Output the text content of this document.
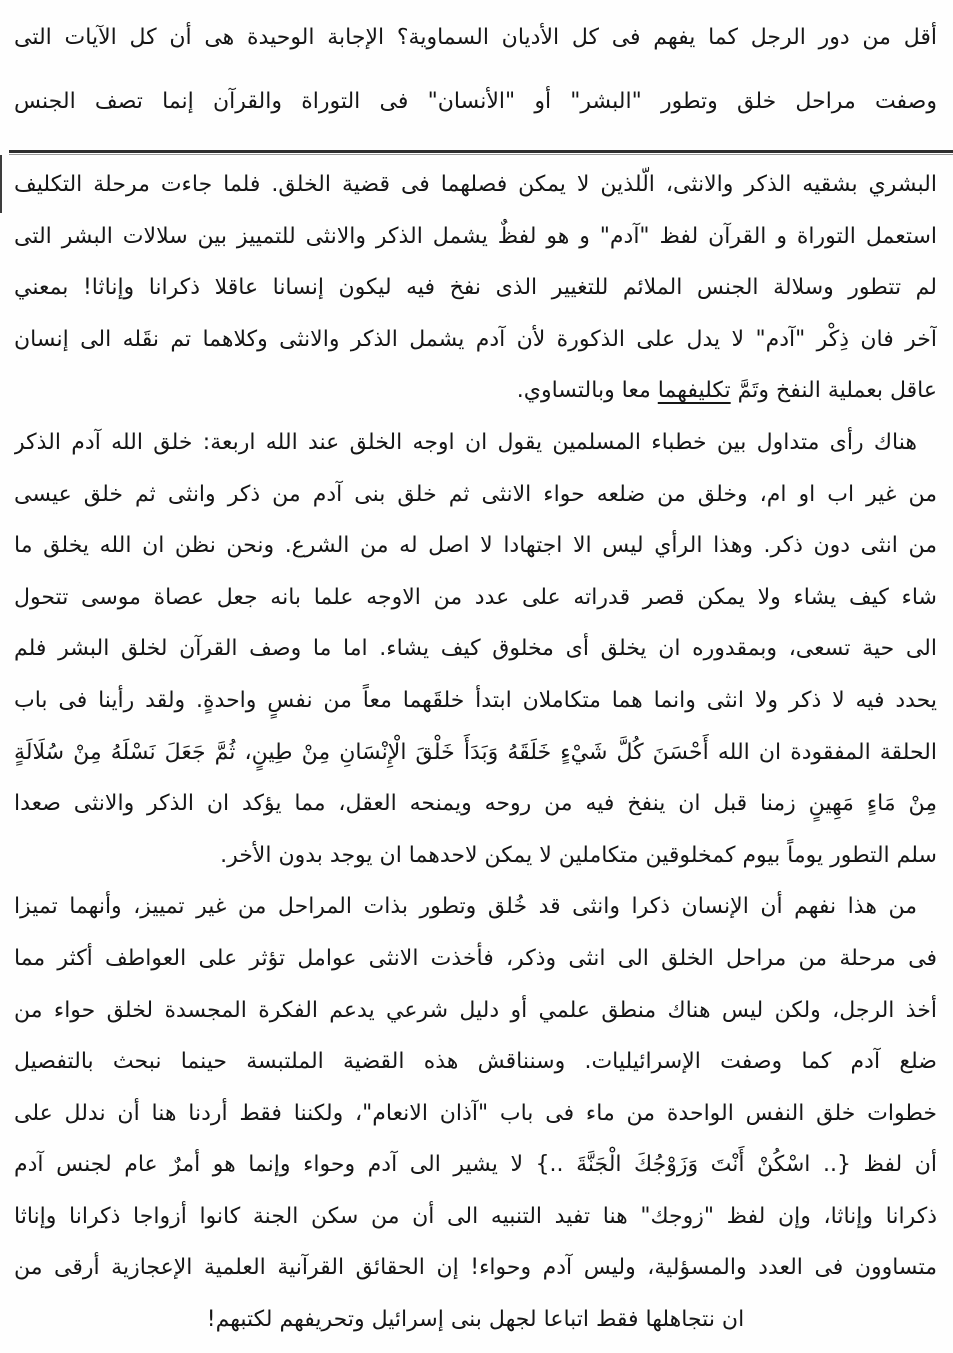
أقل من دور الرجل كما يفهم فى كل الأديان السماوية؟ الإجابة الوحيدة هى أن كل الآيات التى
وصفت مراحل خلق وتطور "البشر" أو "الأنسان" فى التوراة والقرآن إنما تصف الجنس
البشري بشقيه الذكر والانثى، الّلذين لا يمكن فصلهما فى قضية الخلق. فلما جاءت مرحلة التكليف
استعمل التوراة و القرآن لفظ "آدم" و هو لفظٌ يشمل الذكر والانثى للتمييز بين سلالات البشر التى
لم تتطور وسلالة الجنس الملائم للتغيير الذى نفخ فيه ليكون إنسانا عاقلا ذكرانا وإناثا! بمعني
آخر فان ذِكْر "آدم" لا يدل على الذكورة لأن آدم يشمل الذكر والانثى وكلاهما تم نقَله الى إنسان
عاقل بعملية النفخ وتَمَّ تكليفهما معا وبالتساوي.
هناك رأى متداول بين خطباء المسلمين يقول ان اوجه الخلق عند الله اربعة: خلق الله آدم الذكر
من غير اب او ام، وخلق من ضلعه حواء الانثى ثم خلق بنى آدم من ذكر وانثى ثم خلق عيسى
من انثى دون ذكر. وهذا الرأي ليس الا اجتهادا لا اصل له من الشرع. ونحن نظن ان الله يخلق ما
شاء كيف يشاء ولا يمكن قصر قدراته على عدد من الاوجه علما بانه جعل عصاة موسى تتحول
الى حية تسعى، وبمقدوره ان يخلق أى مخلوق كيف يشاء. اما ما وصف القرآن لخلق البشر فلم
يحدد فيه لا ذكر ولا انثى وانما هما متكاملان ابتدأ خلقَهما معاً من نفسٍ واحدةٍ. ولقد رأينا فى باب
الحلقة المفقودة ان الله أَحْسَنَ كُلَّ شَيْءٍ خَلَقَهُ وَبَدَأَ خَلْقَ الْإِنْسَانِ مِنْ طِينٍ، ثُمَّ جَعَلَ نَسْلَهُ مِنْ سُلَالَةٍ
مِنْ مَاءٍ مَهِينٍ زمنا قبل ان ينفخ فيه من روحه ويمنحه العقل، مما يؤكد ان الذكر والانثى صعدا
سلم التطور يوماً بيوم كمخلوقين متكاملين لا يمكن لاحدهما ان يوجد بدون الأخر.
من هذا نفهم أن الإنسان ذكرا وانثى قد خُلق وتطور بذات المراحل من غير تمييز، وأنهما تميزا
فى مرحلة من مراحل الخلق الى انثى وذكر، فأخذت الانثى عوامل تؤثر على العواطف أكثر مما
أخذ الرجل، ولكن ليس هناك منطق علمي أو دليل شرعي يدعم الفكرة المجسدة لخلق حواء من
ضلع آدم كما وصفت الإسرائيليات. وسنناقش هذه القضية الملتبسة حينما نبحث بالتفصيل
خطوات خلق النفس الواحدة من ماء فى باب "آذان الانعام"، ولكننا فقط أردنا هنا أن ندلل على
أن لفظ {.. اسْكُنْ أَنْتَ وَزَوْجُكَ الْجَنَّةَ ..} لا يشير الى آدم وحواء وإنما هو أمرٌ عام لجنس آدم
ذكرانا وإناثا، وإن لفظ "زوجك" هنا تفيد التنبيه الى أن من سكن الجنة كانوا أزواجا ذكرانا وإناثا
متساوون فى العدد والمسؤلية، وليس آدم وحواء! إن الحقائق القرآنية العلمية الإعجازية أرقى من
ان نتجاهلها فقط اتباعا لجهل بنى إسرائيل وتحريفهم لكتبهم!
